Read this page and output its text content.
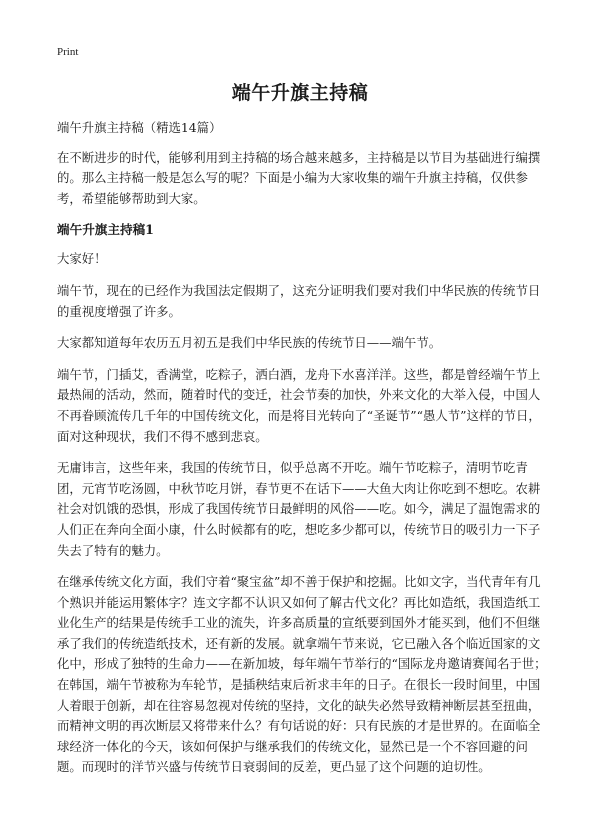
Print
端午升旗主持稿

端午升旗主持稿（精选14篇）

在不断进步的时代，能够利用到主持稿的场合越来越多，主持稿是以节目为基础进行编撰的。那么主持稿一般是怎么写的呢？下面是小编为大家收集的端午升旗主持稿，仅供参考，希望能够帮助到大家。

端午升旗主持稿1

大家好！

端午节，现在的已经作为我国法定假期了，这充分证明我们要对我们中华民族的传统节日的重视度增强了许多。

大家都知道每年农历五月初五是我们中华民族的传统节日——端午节。

端午节，门插艾，香满堂，吃粽子，洒白酒，龙舟下水喜洋洋。这些，都是曾经端午节上最热闹的活动，然而，随着时代的变迁，社会节奏的加快，外来文化的大举入侵，中国人不再眷顾流传几千年的中国传统文化，而是将目光转向了“圣诞节”“愚人节”这样的节日，面对这种现状，我们不得不感到悲哀。

无庸讳言，这些年来，我国的传统节日，似乎总离不开吃。端午节吃粽子，清明节吃青团，元宵节吃汤圆，中秋节吃月饼，春节更不在话下——大鱼大肉让你吃到不想吃。农耕社会对饥饿的恐惧，形成了我国传统节日最鲜明的风俗——吃。如今，满足了温饱需求的人们正在奔向全面小康，什么时候都有的吃，想吃多少都可以，传统节日的吸引力一下子失去了特有的魅力。

在继承传统文化方面，我们守着“聚宝盆”却不善于保护和挖掘。比如文字，当代青年有几个熟识并能运用繁体字？连文字都不认识又如何了解古代文化？再比如造纸，我国造纸工业化生产的结果是传统手工业的流失，许多高质量的宣纸要到国外才能买到，他们不但继承了我们的传统造纸技术，还有新的发展。就拿端午节来说，它已融入各个临近国家的文化中，形成了独特的生命力——在新加坡，每年端午节举行的“国际龙舟邀请赛闻名于世；在韩国，端午节被称为车轮节，是插秧结束后祈求丰年的日子。在很长一段时间里，中国人着眼于创新，却在往容易忽视对传统的坚持，文化的缺失必然导致精神断层甚至扭曲，而精神文明的再次断层又将带来什么？有句话说的好：只有民族的才是世界的。在面临全球经济一体化的今天，该如何保护与继承我们的传统文化，显然已是一个不容回避的问题。而现时的洋节兴盛与传统节日衰弱间的反差，更凸显了这个问题的迫切性。
